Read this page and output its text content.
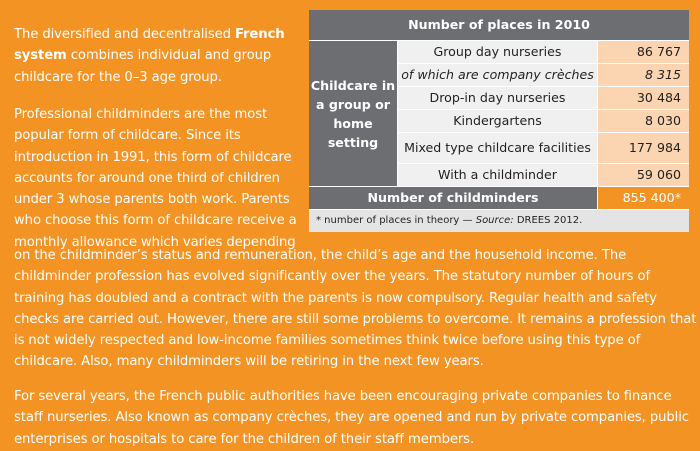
The diversified and decentralised French system combines individual and group childcare for the 0–3 age group.

Professional childminders are the most popular form of childcare. Since its introduction in 1991, this form of childcare accounts for around one third of children under 3 whose parents both work. Parents who choose this form of childcare receive a monthly allowance which varies depending

on the childminder’s status and remuneration, the child’s age and the household income. The childminder profession has evolved significantly over the years. The statutory number of hours of training has doubled and a contract with the parents is now compulsory. Regular health and safety checks are carried out. However, there are still some problems to overcome. It remains a profession that is not widely respected and low-income families sometimes think twice before using this type of childcare. Also, many childminders will be retiring in the next few years.

For several years, the French public authorities have been encouraging private companies to finance staff nurseries. Also known as company crèches, they are opened and run by private companies, public enterprises or hospitals to care for the children of their staff members.

Number of places in 2010
Childcare in a group or home setting
Group day nurseries	86 767
of which are company crèches	8 315
Drop-in day nurseries	30 484
Kindergartens	8 030
Mixed type childcare facilities	177 984
With a childminder	59 060
Number of childminders	855 400*
* number of places in theory — Source: DREES 2012.
